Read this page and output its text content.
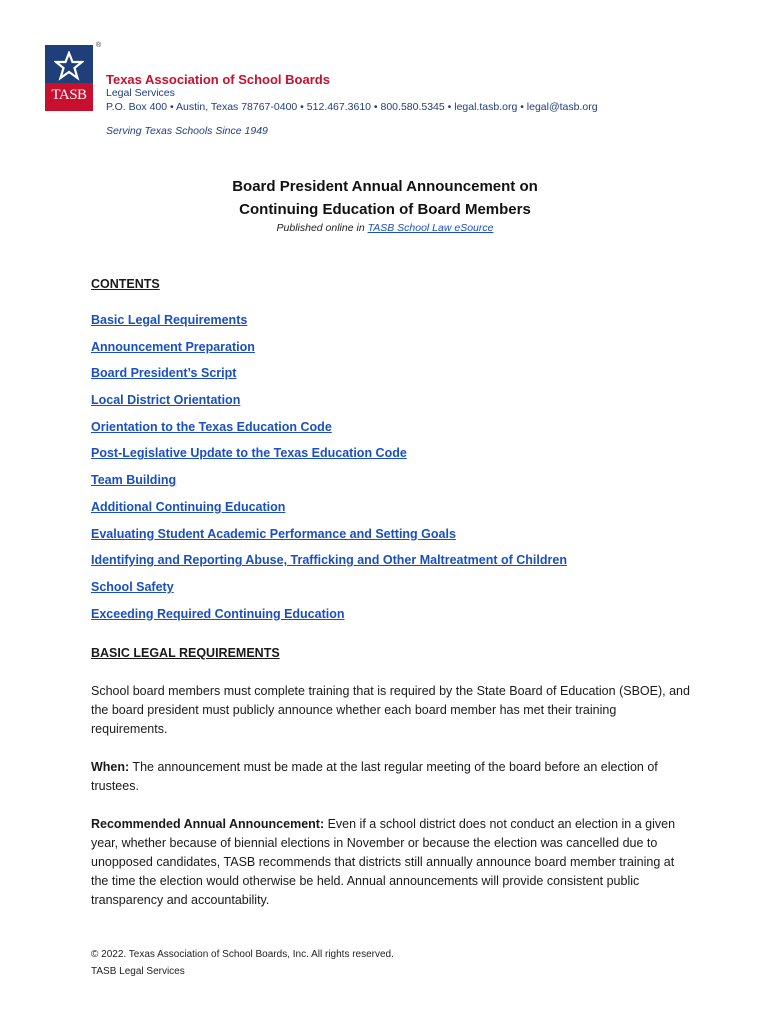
TASB
®
Texas Association of School Boards
Legal Services
P.O. Box 400 • Austin, Texas 78767-0400 • 512.467.3610 • 800.580.5345 • legal.tasb.org • legal@tasb.org
Serving Texas Schools Since 1949
Board President Annual Announcement on
Continuing Education of Board Members
Published online in TASB School Law eSource
CONTENTS
Basic Legal Requirements
Announcement Preparation
Board President’s Script
Local District Orientation
Orientation to the Texas Education Code
Post-Legislative Update to the Texas Education Code
Team Building
Additional Continuing Education
Evaluating Student Academic Performance and Setting Goals
Identifying and Reporting Abuse, Trafficking and Other Maltreatment of Children
School Safety
Exceeding Required Continuing Education
BASIC LEGAL REQUIREMENTS

School board members must complete training that is required by the State Board of Education (SBOE), and the board president must publicly announce whether each board member has met their training requirements.

When: The announcement must be made at the last regular meeting of the board before an election of trustees.

Recommended Annual Announcement: Even if a school district does not conduct an election in a given year, whether because of biennial elections in November or because the election was cancelled due to unopposed candidates, TASB recommends that districts still annually announce board member training at the time the election would otherwise be held. Annual announcements will provide consistent public transparency and accountability.

© 2022. Texas Association of School Boards, Inc. All rights reserved.
TASB Legal Services
